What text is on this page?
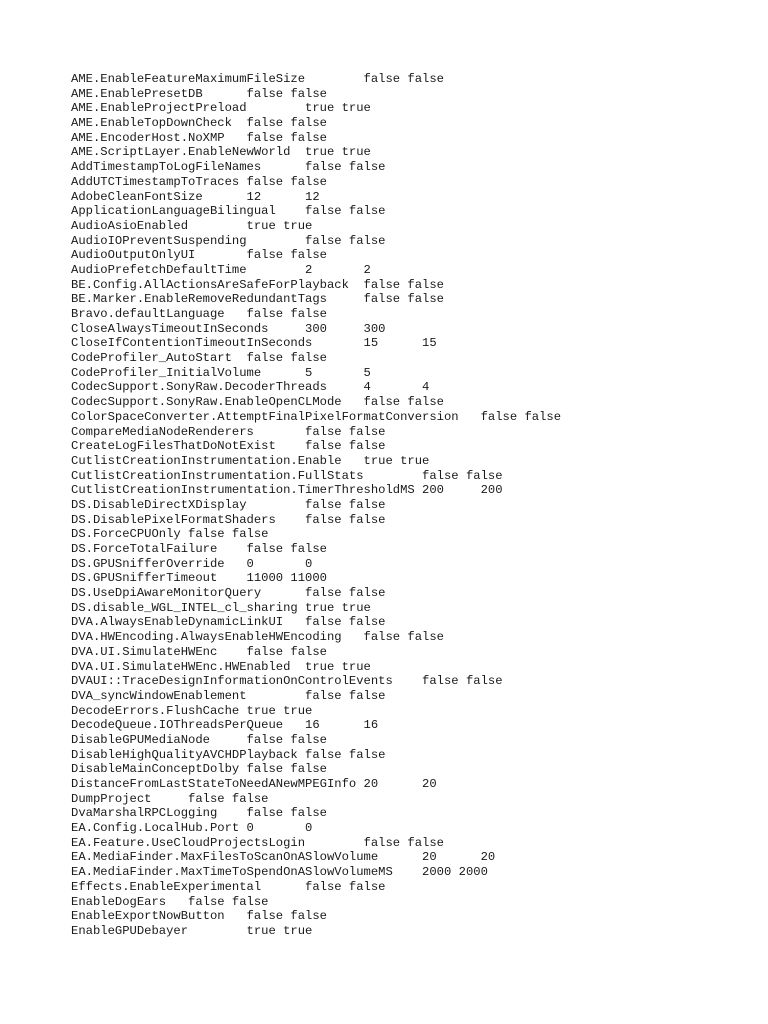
AME.EnableFeatureMaximumFileSize        false false
AME.EnablePresetDB      false false
AME.EnableProjectPreload        true true
AME.EnableTopDownCheck  false false
AME.EncoderHost.NoXMP   false false
AME.ScriptLayer.EnableNewWorld  true true
AddTimestampToLogFileNames      false false
AddUTCTimestampToTraces false false
AdobeCleanFontSize      12      12
ApplicationLanguageBilingual    false false
AudioAsioEnabled        true true
AudioIOPreventSuspending        false false
AudioOutputOnlyUI       false false
AudioPrefetchDefaultTime        2       2
BE.Config.AllActionsAreSafeForPlayback  false false
BE.Marker.EnableRemoveRedundantTags     false false
Bravo.defaultLanguage   false false
CloseAlwaysTimeoutInSeconds     300     300
CloseIfContentionTimeoutInSeconds       15      15
CodeProfiler_AutoStart  false false
CodeProfiler_InitialVolume      5       5
CodecSupport.SonyRaw.DecoderThreads     4       4
CodecSupport.SonyRaw.EnableOpenCLMode   false false
ColorSpaceConverter.AttemptFinalPixelFormatConversion   false false
CompareMediaNodeRenderers       false false
CreateLogFilesThatDoNotExist    false false
CutlistCreationInstrumentation.Enable   true true
CutlistCreationInstrumentation.FullStats        false false
CutlistCreationInstrumentation.TimerThresholdMS 200     200
DS.DisableDirectXDisplay        false false
DS.DisablePixelFormatShaders    false false
DS.ForceCPUOnly false false
DS.ForceTotalFailure    false false
DS.GPUSnifferOverride   0       0
DS.GPUSnifferTimeout    11000 11000
DS.UseDpiAwareMonitorQuery      false false
DS.disable_WGL_INTEL_cl_sharing true true
DVA.AlwaysEnableDynamicLinkUI   false false
DVA.HWEncoding.AlwaysEnableHWEncoding   false false
DVA.UI.SimulateHWEnc    false false
DVA.UI.SimulateHWEnc.HWEnabled  true true
DVAUI::TraceDesignInformationOnControlEvents    false false
DVA_syncWindowEnablement        false false
DecodeErrors.FlushCache true true
DecodeQueue.IOThreadsPerQueue   16      16
DisableGPUMediaNode     false false
DisableHighQualityAVCHDPlayback false false
DisableMainConceptDolby false false
DistanceFromLastStateToNeedANewMPEGInfo 20      20
DumpProject     false false
DvaMarshalRPCLogging    false false
EA.Config.LocalHub.Port 0       0
EA.Feature.UseCloudProjectsLogin        false false
EA.MediaFinder.MaxFilesToScanOnASlowVolume      20      20
EA.MediaFinder.MaxTimeToSpendOnASlowVolumeMS    2000 2000
Effects.EnableExperimental      false false
EnableDogEars   false false
EnableExportNowButton   false false
EnableGPUDebayer        true true
